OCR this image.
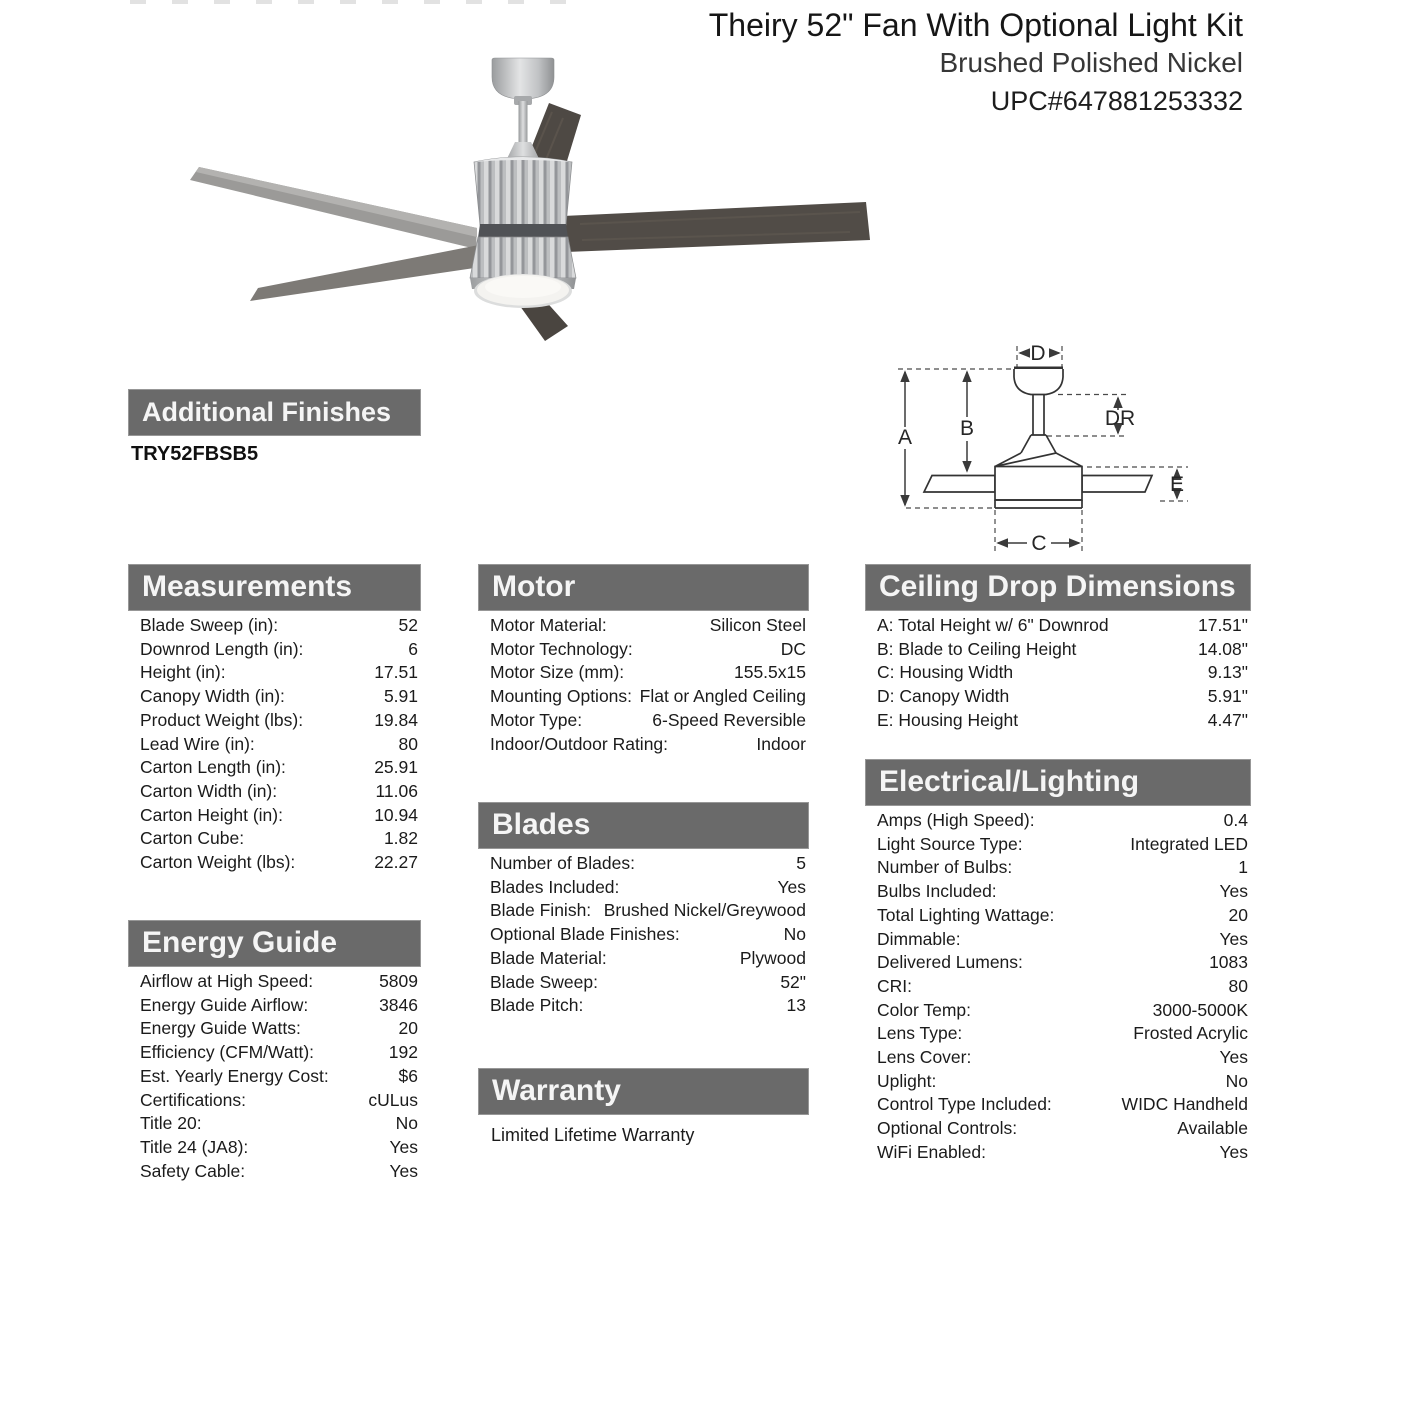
Theiry 52" Fan With Optional Light Kit
Brushed Polished Nickel
UPC#647881253332
D
A B	DR
E
C
Additional Finishes
TRY52FBSB5
Measurements
Blade Sweep (in):	52
Downrod Length (in):	6
Height (in):	17.51
Canopy Width (in):	5.91
Product Weight (lbs):	19.84
Lead Wire (in):	80
Carton Length (in):	25.91
Carton Width (in):	11.06
Carton Height (in):	10.94
Carton Cube:	1.82
Carton Weight (lbs):	22.27
Energy Guide
Airflow at High Speed:	5809
Energy Guide Airflow:	3846
Energy Guide Watts:	20
Efficiency (CFM/Watt):	192
Est. Yearly Energy Cost:	$6
Certifications:	cULus
Title 20:	No
Title 24 (JA8):	Yes
Safety Cable:	Yes
Motor
Motor Material:	Silicon Steel
Motor Technology:	DC
Motor Size (mm):	155.5x15
Mounting Options: Flat or Angled Ceiling
Motor Type:	6-Speed Reversible
Indoor/Outdoor Rating:	Indoor
Blades
Number of Blades:	5
Blades Included:	Yes
Blade Finish: Brushed Nickel/Greywood
Optional Blade Finishes:	No
Blade Material:	Plywood
Blade Sweep:	52"
Blade Pitch:	13
Warranty
Limited Lifetime Warranty
Ceiling Drop Dimensions
A: Total Height w/ 6" Downrod	17.51"
B: Blade to Ceiling Height	14.08"
C: Housing Width	9.13"
D: Canopy Width	5.91"
E: Housing Height	4.47"
Electrical/Lighting
Amps (High Speed):	0.4
Light Source Type:	Integrated LED
Number of Bulbs:	1
Bulbs Included:	Yes
Total Lighting Wattage:	20
Dimmable:	Yes
Delivered Lumens:	1083
CRI:	80
Color Temp:	3000-5000K
Lens Type:	Frosted Acrylic
Lens Cover:	Yes
Uplight:	No
Control Type Included:	WIDC Handheld
Optional Controls:	Available
WiFi Enabled:	Yes
